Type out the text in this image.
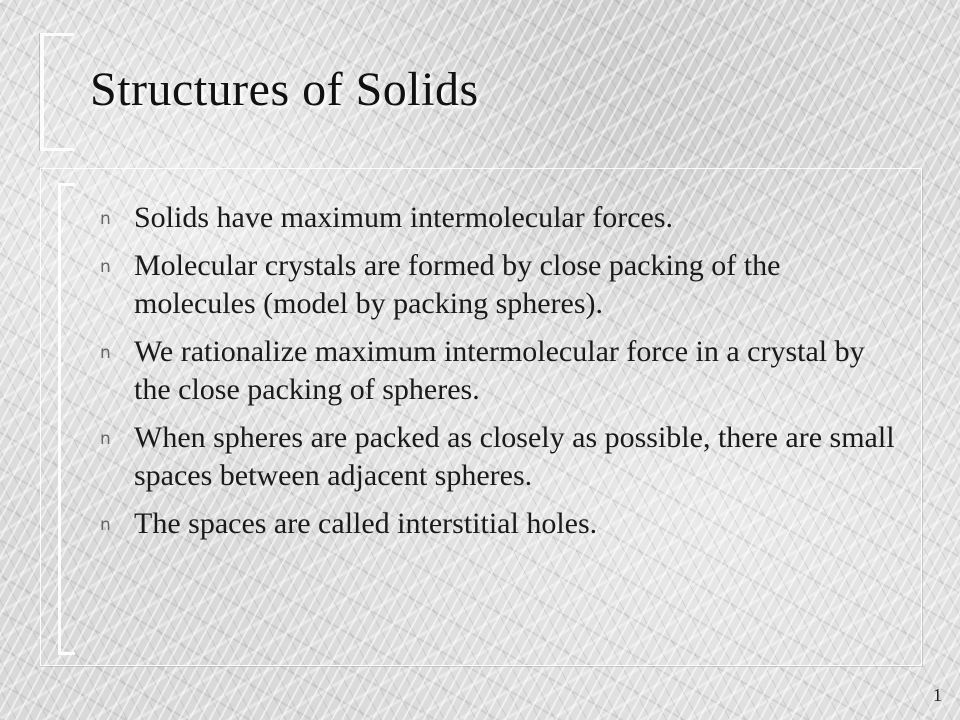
Structures of Solids
n Solids have maximum intermolecular forces.
n Molecular crystals are formed by close packing of the molecules (model by packing spheres).
n We rationalize maximum intermolecular force in a crystal by the close packing of spheres.
n When spheres are packed as closely as possible, there are small spaces between adjacent spheres.
n The spaces are called interstitial holes.
1
